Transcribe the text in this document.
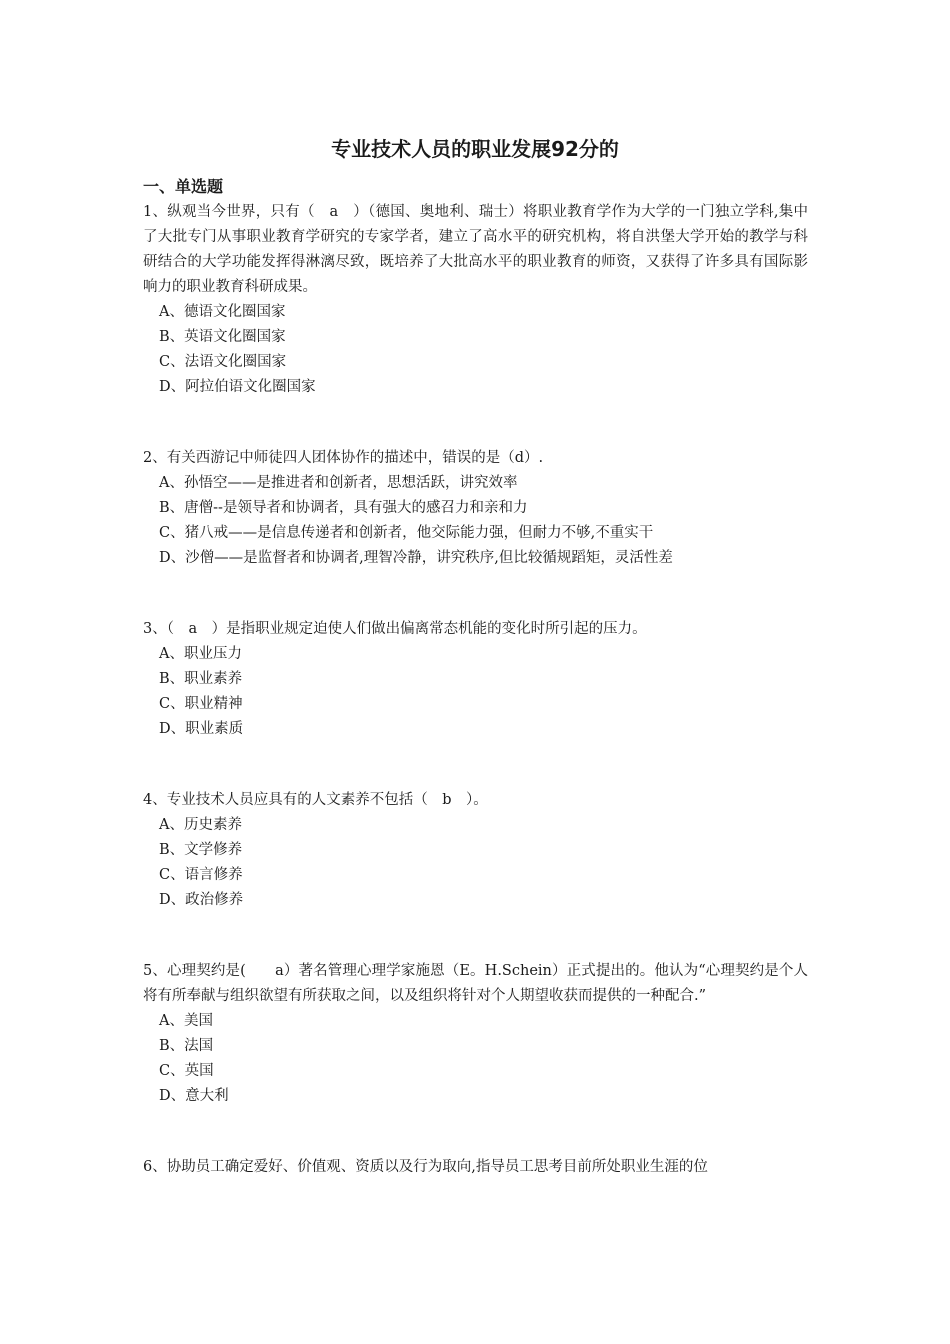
专业技术人员的职业发展92分的
一、单选题

1、纵观当今世界，只有（　a　）（德国、奥地利、瑞士）将职业教育学作为大学的一门独立学科,集中了大批专门从事职业教育学研究的专家学者，建立了高水平的研究机构，将自洪堡大学开始的教学与科研结合的大学功能发挥得淋漓尽致，既培养了大批高水平的职业教育的师资，又获得了许多具有国际影响力的职业教育科研成果。

A、德语文化圈国家
B、英语文化圈国家
C、法语文化圈国家
D、阿拉伯语文化圈国家

2、有关西游记中师徒四人团体协作的描述中，错误的是（d）.

A、孙悟空——是推进者和创新者，思想活跃，讲究效率
B、唐僧--是领导者和协调者，具有强大的感召力和亲和力
C、猪八戒——是信息传递者和创新者，他交际能力强，但耐力不够,不重实干
D、沙僧——是监督者和协调者,理智冷静，讲究秩序,但比较循规蹈矩，灵活性差

3、（　a　）是指职业规定迫使人们做出偏离常态机能的变化时所引起的压力。

A、职业压力
B、职业素养
C、职业精神
D、职业素质

4、专业技术人员应具有的人文素养不包括（　b　）。

A、历史素养
B、文学修养
C、语言修养
D、政治修养

5、心理契约是(　　a）著名管理心理学家施恩（E。H.Schein）正式提出的。他认为“心理契约是个人将有所奉献与组织欲望有所获取之间，以及组织将针对个人期望收获而提供的一种配合.”

A、美国
B、法国
C、英国
D、意大利

6、协助员工确定爱好、价值观、资质以及行为取向,指导员工思考目前所处职业生涯的位
